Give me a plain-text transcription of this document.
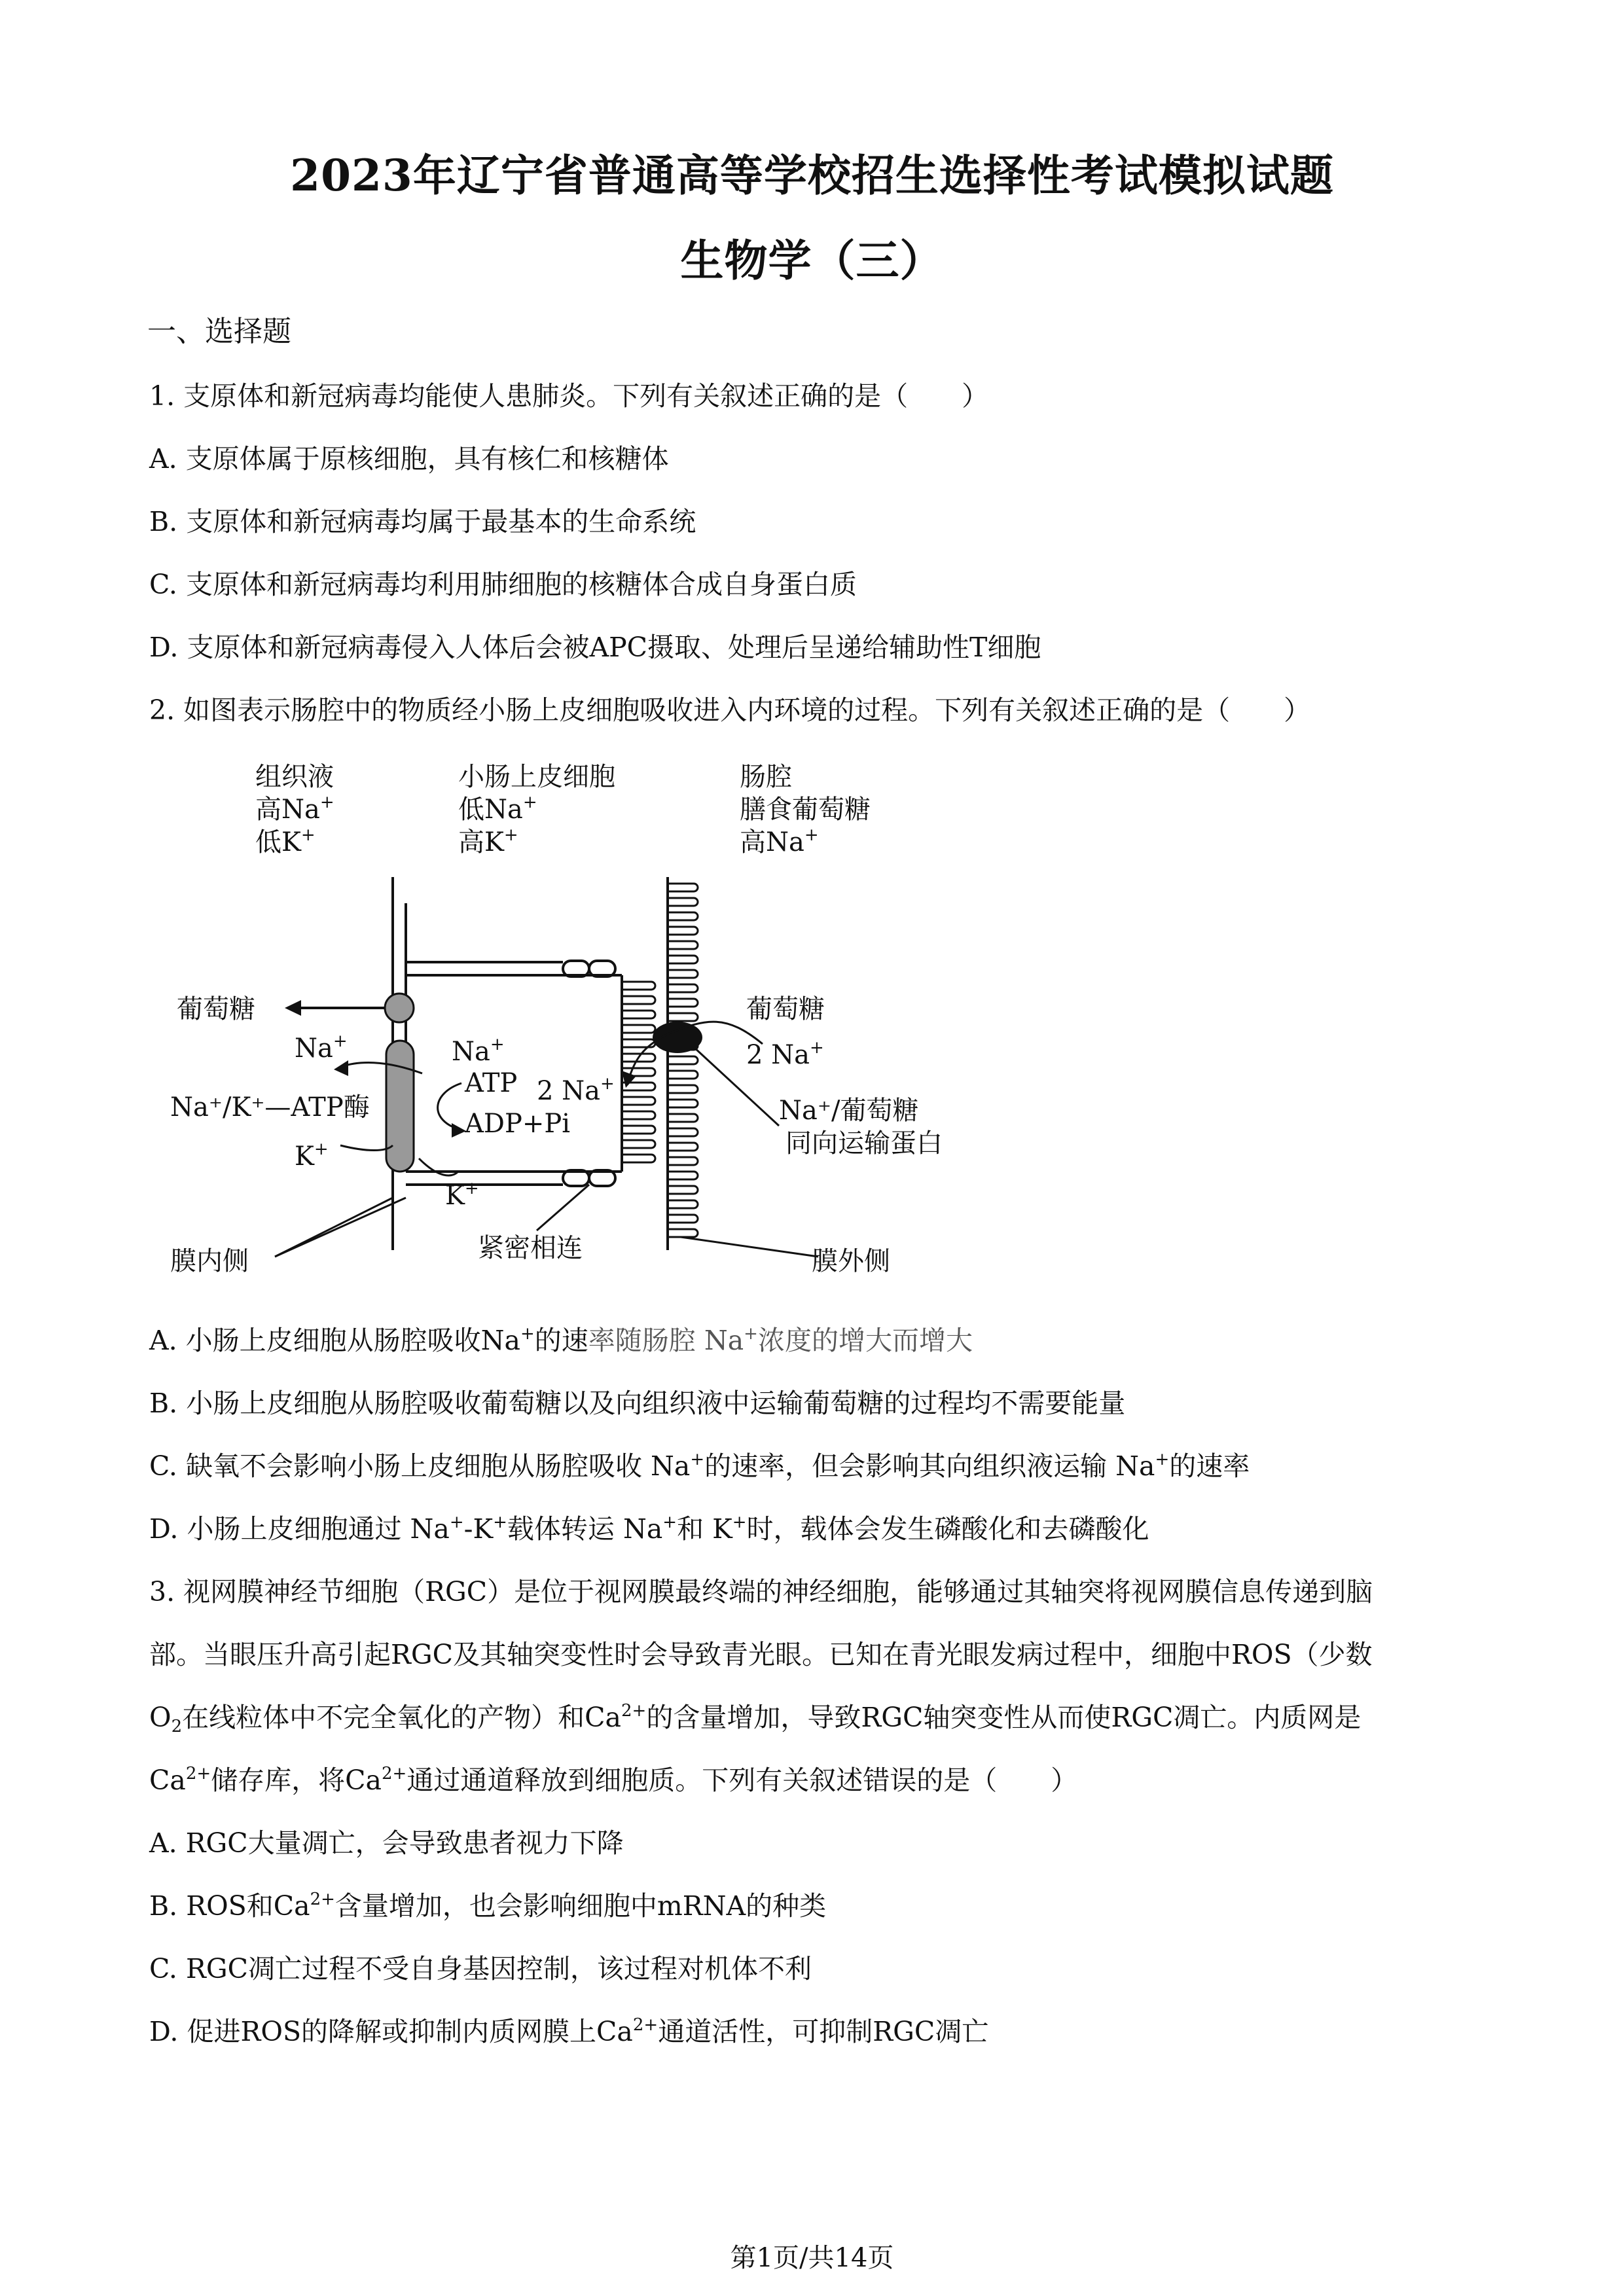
2023年辽宁省普通高等学校招生选择性考试模拟试题
生物学（三）
一、选择题
1. 支原体和新冠病毒均能使人患肺炎。下列有关叙述正确的是（　　）
A. 支原体属于原核细胞，具有核仁和核糖体
B. 支原体和新冠病毒均属于最基本的生命系统
C. 支原体和新冠病毒均利用肺细胞的核糖体合成自身蛋白质
D. 支原体和新冠病毒侵入人体后会被APC摄取、处理后呈递给辅助性T细胞
2. 如图表示肠腔中的物质经小肠上皮细胞吸收进入内环境的过程。下列有关叙述正确的是（　　）
组织液
高Na+
低K+
小肠上皮细胞
低Na+
高K+
肠腔
膳食葡萄糖
高Na+
葡萄糖
Na+
Na⁺/K⁺—ATP酶
K+
Na+
ATP
ADP+Pi
K+
2 Na+
葡萄糖
2 Na+
Na⁺/葡萄糖
同向运输蛋白
膜内侧	紧密相连	膜外侧
A. 小肠上皮细胞从肠腔吸收Na+的速率随肠腔 Na+浓度的增大而增大
B. 小肠上皮细胞从肠腔吸收葡萄糖以及向组织液中运输葡萄糖的过程均不需要能量
C. 缺氧不会影响小肠上皮细胞从肠腔吸收 Na+的速率，但会影响其向组织液运输 Na+的速率
D. 小肠上皮细胞通过 Na+-K+载体转运 Na+和 K+时，载体会发生磷酸化和去磷酸化
3. 视网膜神经节细胞（RGC）是位于视网膜最终端的神经细胞，能够通过其轴突将视网膜信息传递到脑
部。当眼压升高引起RGC及其轴突变性时会导致青光眼。已知在青光眼发病过程中，细胞中ROS（少数
$O_2$在线粒体中不完全氧化的产物）和$Ca^{2+}$的含量增加，导致RGC轴突变性从而使RGC凋亡。内质网是
$Ca^{2+}$储存库，将$Ca^{2+}$通过通道释放到细胞质。下列有关叙述错误的是（　　）
A. RGC大量凋亡，会导致患者视力下降
B. ROS和$Ca^{2+}$含量增加，也会影响细胞中mRNA的种类
C. RGC凋亡过程不受自身基因控制，该过程对机体不利
D. 促进ROS的降解或抑制内质网膜上$Ca^{2+}$通道活性，可抑制RGC凋亡
第1页/共14页
